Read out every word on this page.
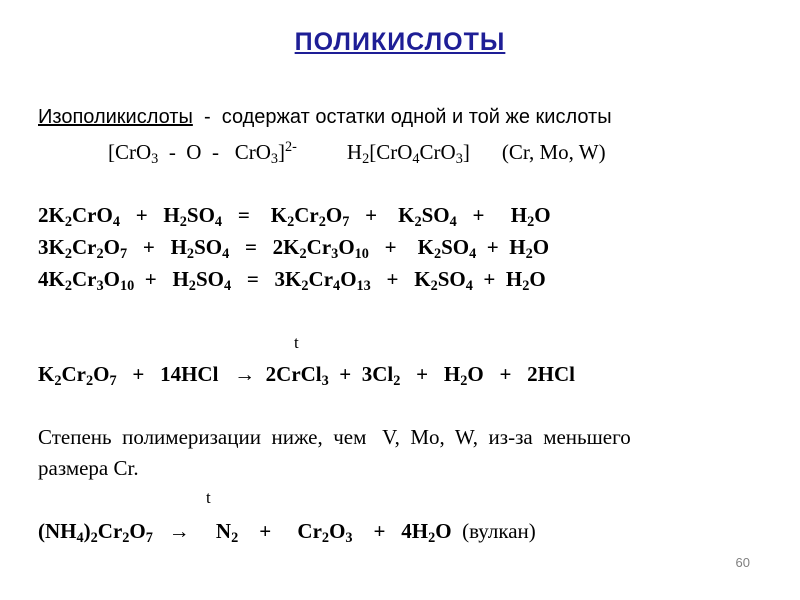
ПОЛИКИСЛОТЫ
Изополикислоты  -  содержат остатки одной и той же кислоты
[CrO$_3$  -  O  -   CrO$_3$]$^{2-}$ $H_2[CrO_4CrO_3]$ (Cr, Mo, W)
$2K_2CrO_4 + H_2SO_4$   =    $K_2Cr_2O_7$   +    $K_2SO_4$   +     $H_2O$
$3K_2Cr_2O_7 + H_2SO_4 = 2K_2Cr_3O_{10}$   +    $K_2SO_4 + H_2O$
$4K_2Cr_3O_{10} + H_2SO_4 = 3K_2Cr_4O_{13} + K_2SO_4 + H_2O$
t
$K_2Cr_2O_7 + 14HCl$   →  2CrCl$_3$  +  $3Cl_2 + H_2O + 2HCl$
Степень  полимеризации  ниже,  чем   V,  Mo,  W,  из-за  меньшего
размера Cr.
t
$(NH_4)_2Cr_2O_7$   →     $N_2$    +     $Cr_2O_3$    +   $4H_2O$  (вулкан)
60
